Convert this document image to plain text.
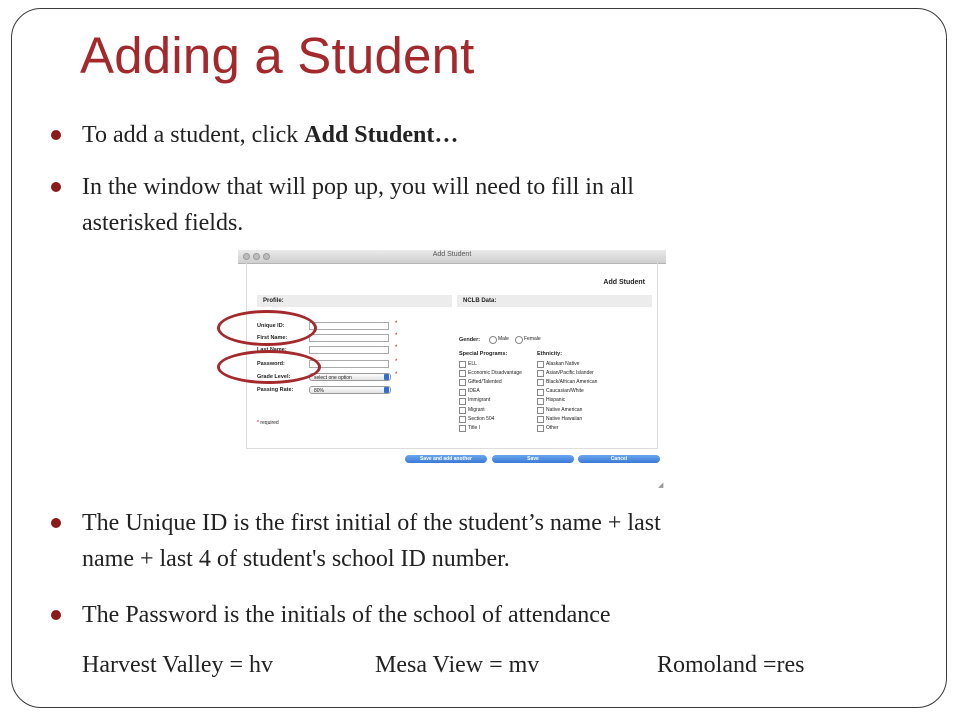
Adding a Student
To add a student, click Add Student…
In the window that will pop up, you will need to fill in all
asterisked fields.
Add Student
Add Student
Profile:	NCLB Data:
Unique ID:	*
First Name:	*
Last Name:	*
Password:	*
Grade Level:	select one option	*
Passing Rate:	80%
* required
Gender:	Male	Female
Special Programs:	Ethnicity:
ELL
Economic Disadvantage
Gifted/Talented
IDEA
Immigrant
Migrant
Section 504
Title I
Alaskan Native
Asian/Pacific Islander
Black/African American
Caucasian/White
Hispanic
Native American
Native Hawaiian
Other
Save and add another	Save	Cancel
◢
The Unique ID is the first initial of the student’s name + last
name + last 4 of student's school ID number.
The Password is the initials of the school of attendance
Harvest Valley = hv	Mesa View = mv	Romoland =res
